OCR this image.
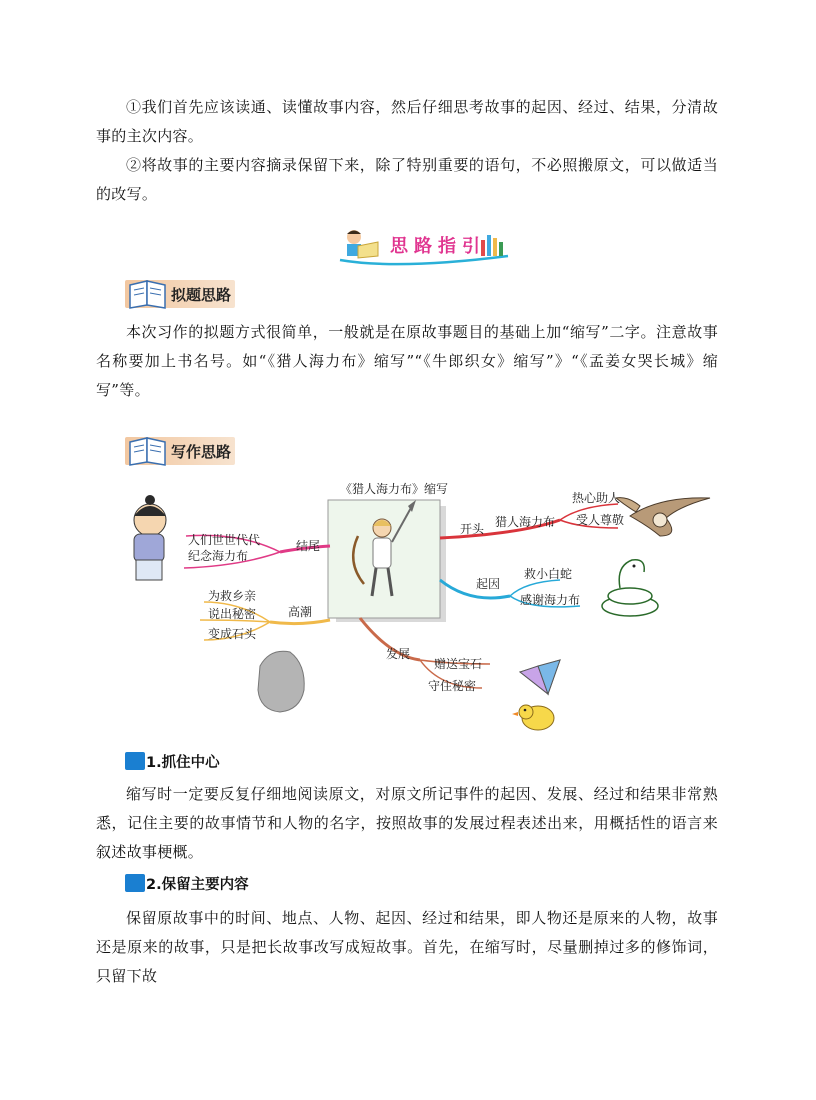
①我们首先应该读通、读懂故事内容，然后仔细思考故事的起因、经过、结果，分清故事的主次内容。

②将故事的主要内容摘录保留下来，除了特别重要的语句，不必照搬原文，可以做适当的改写。

思路指引
拟题思路

本次习作的拟题方式很简单，一般就是在原故事题目的基础上加“缩写”二字。注意故事名称要加上书名号。如“《猎人海力布》缩写”“《牛郎织女》缩写”》“《孟姜女哭长城》缩写”等。

写作思路
《猎人海力布》缩写
开头 猎人海力布
热心助人
受人尊敬
起因
救小白蛇
感谢海力布
发展
赠送宝石
守住秘密
高潮
为救乡亲
说出秘密
变成石头
结尾
人们世世代代
纪念海力布
1.抓住中心

缩写时一定要反复仔细地阅读原文，对原文所记事件的起因、发展、经过和结果非常熟悉，记住主要的故事情节和人物的名字，按照故事的发展过程表述出来，用概括性的语言来叙述故事梗概。

2.保留主要内容

保留原故事中的时间、地点、人物、起因、经过和结果，即人物还是原来的人物，故事还是原来的故事，只是把长故事改写成短故事。首先，在缩写时，尽量删掉过多的修饰词，只留下故
